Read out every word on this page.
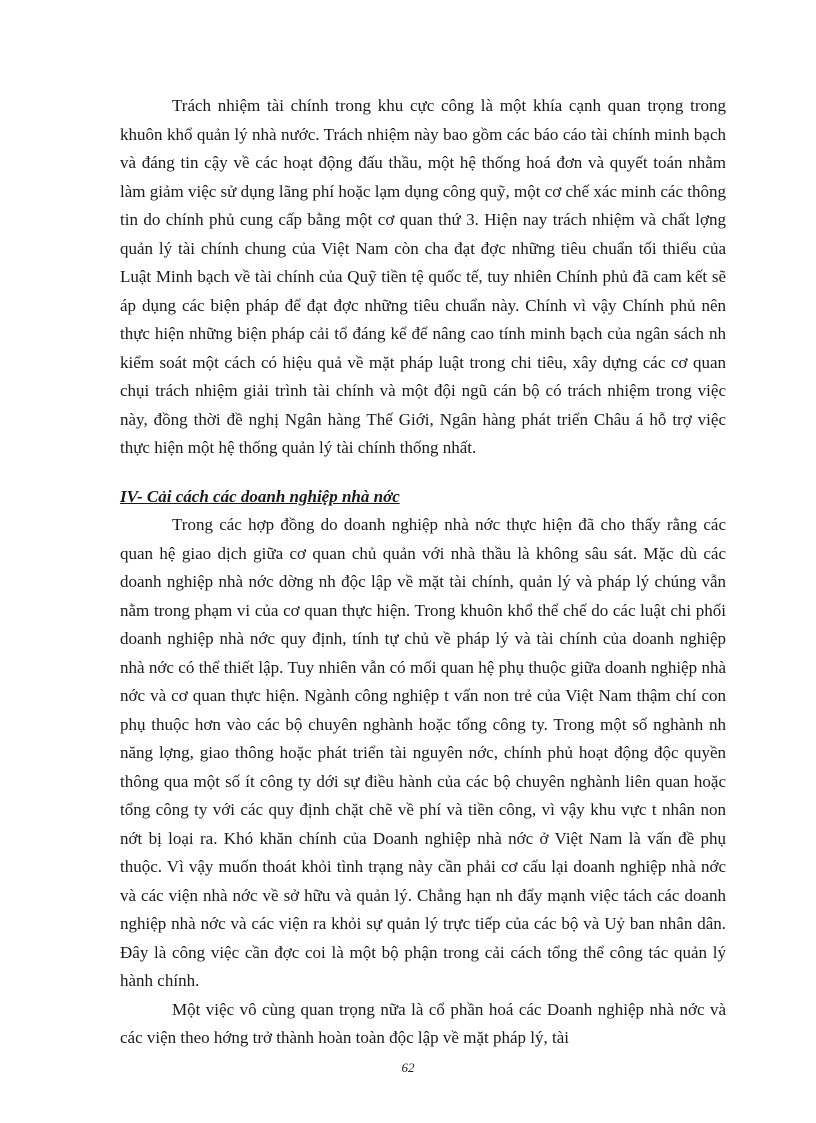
Trách nhiệm tài chính trong khu cực công là một khía cạnh quan trọng trong khuôn khổ quản lý nhà nước. Trách nhiệm này bao gồm các báo cáo tài chính minh bạch và đáng tin cậy về các hoạt động đấu thầu, một hệ thống hoá đơn và quyết toán nhằm làm giảm việc sử dụng lãng phí hoặc lạm dụng công quỹ, một cơ chế xác minh các thông tin do chính phủ cung cấp bằng một cơ quan thứ 3. Hiện nay trách nhiệm và chất lợng quản lý tài chính chung của Việt Nam còn cha đạt đợc những tiêu chuẩn tối thiểu của Luật Minh bạch về tài chính của Quỹ tiền tệ quốc tế, tuy nhiên Chính phủ đã cam kết sẽ áp dụng các biện pháp để đạt đợc những tiêu chuẩn này. Chính vì vậy Chính phủ nên thực hiện những biện pháp cải tổ đáng kể để nâng cao tính minh bạch của ngân sách nh kiểm soát một cách có hiệu quả về mặt pháp luật trong chi tiêu, xây dựng các cơ quan chụi trách nhiệm giải trình tài chính và một đội ngũ cán bộ có trách nhiệm trong việc này, đồng thời đề nghị Ngân hàng Thế Giới, Ngân hàng phát triển Châu á hỗ trợ việc thực hiện một hệ thống quản lý tài chính thống nhất.

IV- Cải cách các doanh nghiệp nhà nớc

Trong các hợp đồng do doanh nghiệp nhà nớc thực hiện đã cho thấy rằng các quan hệ giao dịch giữa cơ quan chủ quản với nhà thầu là không sâu sát. Mặc dù các doanh nghiệp nhà nớc dờng nh độc lập về mặt tài chính, quản lý và pháp lý chúng vẫn nằm trong phạm vi của cơ quan thực hiện. Trong khuôn khổ thể chế do các luật chi phối doanh nghiệp nhà nớc quy định, tính tự chủ về pháp lý và tài chính của doanh nghiệp nhà nớc có thể thiết lập. Tuy nhiên vẫn có mối quan hệ phụ thuộc giữa doanh nghiệp nhà nớc và cơ quan thực hiện. Ngành công nghiệp t vấn non trẻ của Việt Nam thậm chí con phụ thuộc hơn vào các bộ chuyên nghành hoặc tổng công ty. Trong một số nghành nh năng lợng, giao thông hoặc phát triển tài nguyên nớc, chính phủ hoạt động độc quyền thông qua một số ít công ty dới sự điều hành của các bộ chuyên nghành liên quan hoặc tổng công ty với các quy định chặt chẽ về phí và tiền công, vì vậy khu vực t nhân non nớt bị loại ra. Khó khăn chính của Doanh nghiệp nhà nớc ở Việt Nam là vấn đề phụ thuộc. Vì vậy muốn thoát khỏi tình trạng này cần phải cơ cấu lại doanh nghiệp nhà nớc và các viện nhà nớc về sở hữu và quản lý. Chẳng hạn nh đẩy mạnh việc tách các doanh nghiệp nhà nớc và các viện ra khỏi sự quản lý trực tiếp của các bộ và Uỷ ban nhân dân. Đây là công việc cần đợc coi là một bộ phận trong cải cách tổng thể công tác quản lý hành chính.

Một việc vô cùng quan trọng nữa là cổ phần hoá các Doanh nghiệp nhà nớc và các viện theo hớng trở thành hoàn toàn độc lập về mặt pháp lý, tài

62
